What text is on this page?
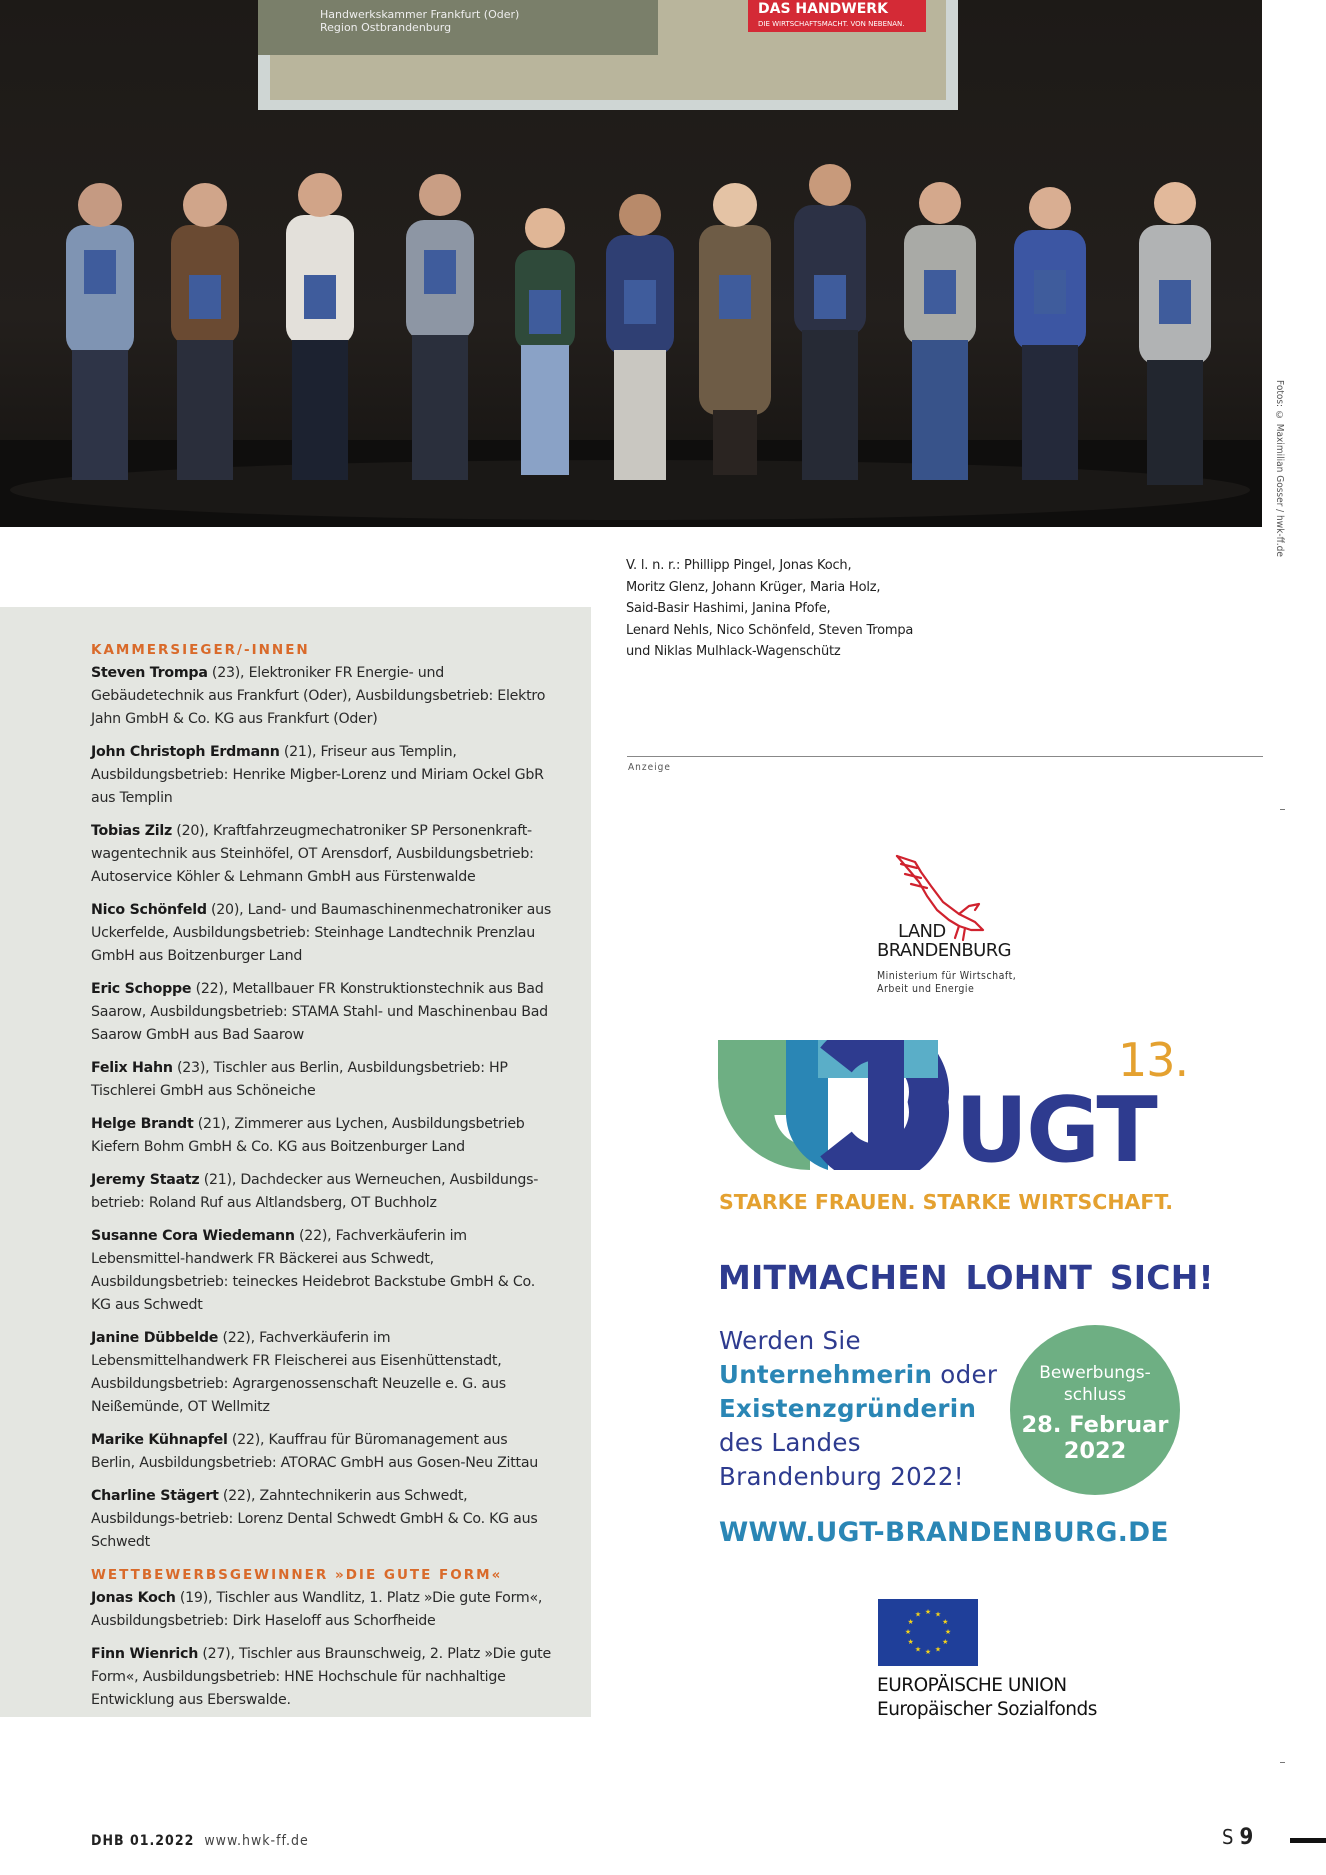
DAS HANDWERK
DIE WIRTSCHAFTSMACHT. VON NEBENAN.
Handwerkskammer Frankfurt (Oder)
Region Ostbrandenburg
Fotos: © Maximilian Gosser / hwk-ff.de

V. l. n. r.: Phillipp Pingel, Jonas Koch,

Moritz Glenz, Johann Krüger, Maria Holz,

Said-Basir Hashimi, Janina Pfofe,

Lenard Nehls, Nico Schönfeld, Steven Trompa

und Niklas Mulhlack-Wagenschütz

KAMMERSIEGER/-INNEN
Steven Trompa (23), Elektroniker FR Energie- und Gebäudetechnik aus Frankfurt (Oder), Ausbildungsbetrieb: Elektro Jahn GmbH & Co. KG aus Frankfurt (Oder)
John Christoph Erdmann (21), Friseur aus Templin, Ausbildungsbetrieb: Henrike Migber-Lorenz und Miriam Ockel GbR aus Templin
Tobias Zilz (20), Kraftfahrzeugmechatroniker SP Personenkraft-wagentechnik aus Steinhöfel, OT Arensdorf, Ausbildungsbetrieb: Autoservice Köhler & Lehmann GmbH aus Fürstenwalde
Nico Schönfeld (20), Land- und Baumaschinenmechatroniker aus Uckerfelde, Ausbildungsbetrieb: Steinhage Landtechnik Prenzlau GmbH aus Boitzenburger Land
Eric Schoppe (22), Metallbauer FR Konstruktionstechnik aus Bad Saarow, Ausbildungsbetrieb: STAMA Stahl- und Maschinenbau Bad Saarow GmbH aus Bad Saarow
Felix Hahn (23), Tischler aus Berlin, Ausbildungsbetrieb: HP Tischlerei GmbH aus Schöneiche
Helge Brandt (21), Zimmerer aus Lychen, Ausbildungsbetrieb Kiefern Bohm GmbH & Co. KG aus Boitzenburger Land
Jeremy Staatz (21), Dachdecker aus Werneuchen, Ausbildungs-betrieb: Roland Ruf aus Altlandsberg, OT Buchholz
Susanne Cora Wiedemann (22), Fachverkäuferin im Lebensmittel-handwerk FR Bäckerei aus Schwedt, Ausbildungsbetrieb: teineckes Heidebrot Backstube GmbH & Co. KG aus Schwedt
Janine Dübbelde (22), Fachverkäuferin im Lebensmittelhandwerk FR Fleischerei aus Eisenhüttenstadt, Ausbildungsbetrieb: Agrargenossenschaft Neuzelle e. G. aus Neißemünde, OT Wellmitz
Marike Kühnapfel (22), Kauffrau für Büromanagement aus Berlin, Ausbildungsbetrieb: ATORAC GmbH aus Gosen-Neu Zittau
Charline Stägert (22), Zahntechnikerin aus Schwedt, Ausbildungs-betrieb: Lorenz Dental Schwedt GmbH & Co. KG aus Schwedt
WETTBEWERBSGEWINNER »DIE GUTE FORM«
Jonas Koch (19), Tischler aus Wandlitz, 1. Platz »Die gute Form«, Ausbildungsbetrieb: Dirk Haseloff aus Schorfheide
Finn Wienrich (27), Tischler aus Braunschweig, 2. Platz »Die gute Form«, Ausbildungsbetrieb: HNE Hochschule für nachhaltige Entwicklung aus Eberswalde.
Anzeige
LAND
BRANDENBURG
Ministerium für Wirtschaft,
Arbeit und Energie
13.
UGT
STARKE FRAUEN. STARKE WIRTSCHAFT.
MITMACHEN LOHNT SICH!
Werden Sie
Unternehmerin oder
Existenzgründerin
des Landes
Brandenburg 2022!
Bewerbungs-
schluss
28. Februar
2022
WWW.UGT-BRANDENBURG.DE
★ ★
★
★
★
★
★
★
★
★
★
★
EUROPÄISCHE UNION
Europäischer Sozialfonds
DHB 01.2022 www.hwk-ff.de	S 9
